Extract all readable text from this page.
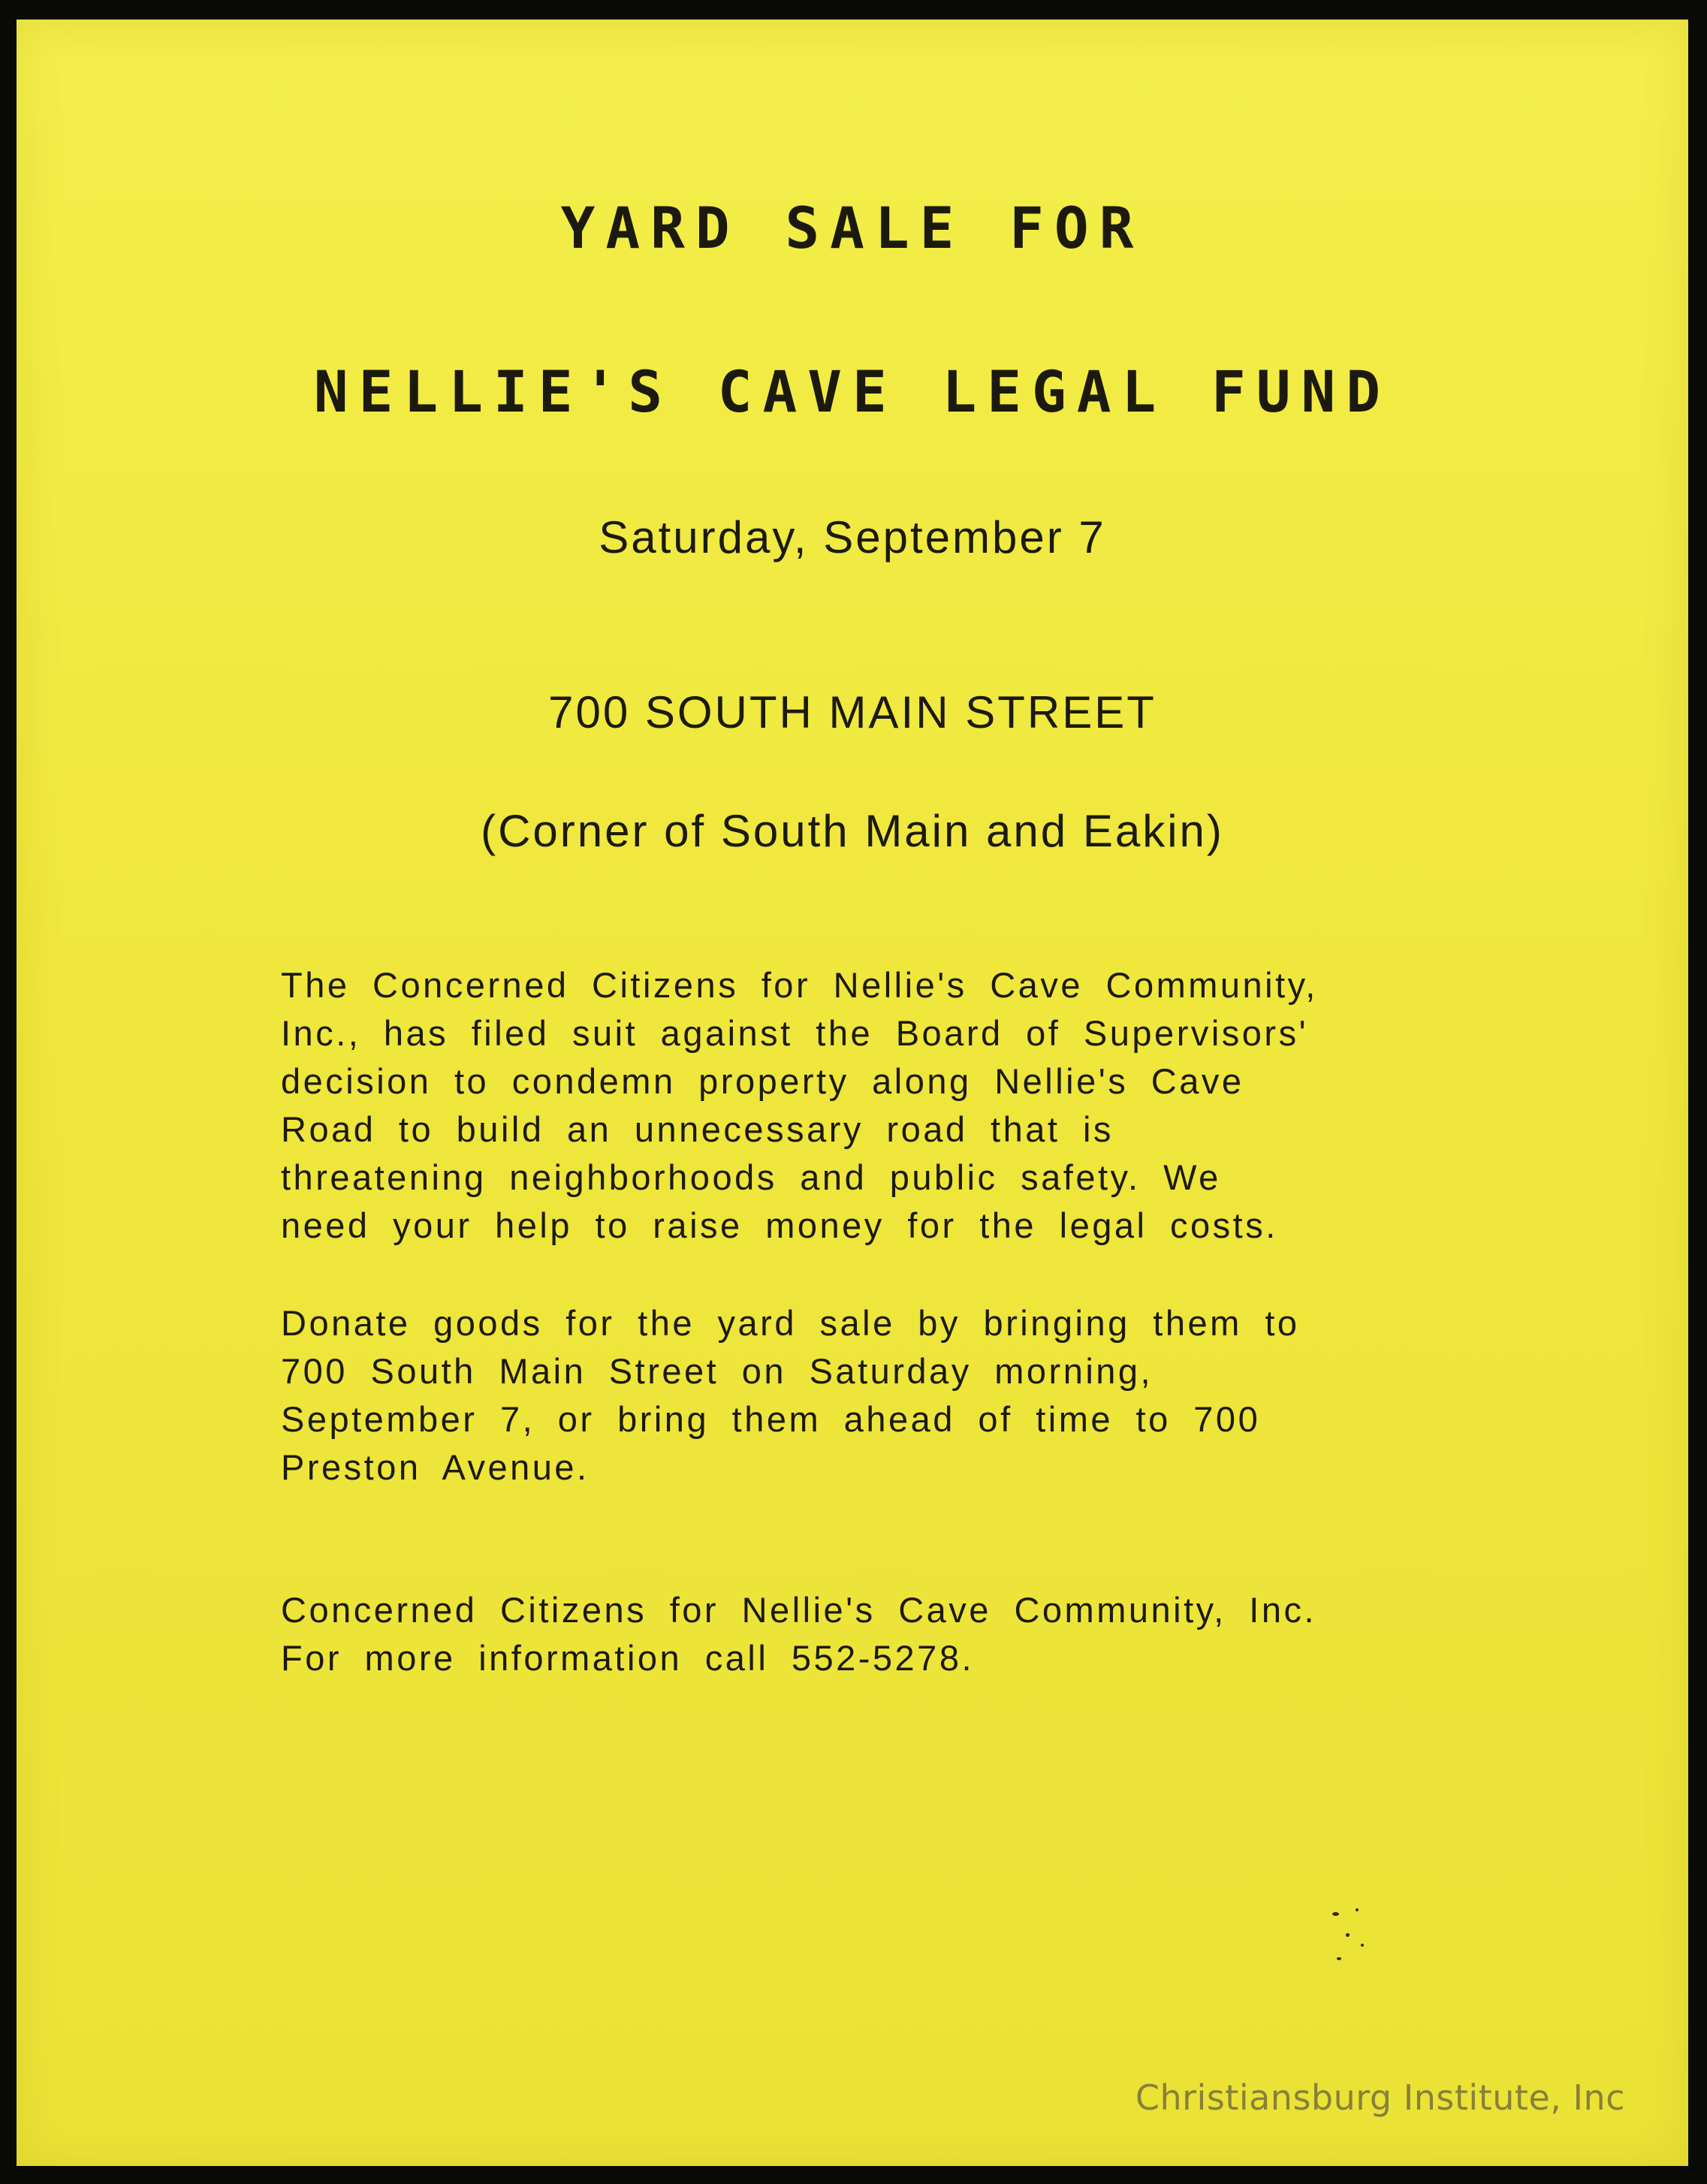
YARD SALE FOR
NELLIE'S CAVE LEGAL FUND

Saturday, September 7

700 SOUTH MAIN STREET

(Corner of South Main and Eakin)

The Concerned Citizens for Nellie's Cave Community,
Inc., has filed suit against the Board of Supervisors'
decision to condemn property along Nellie's Cave
Road to build an unnecessary road that is
threatening neighborhoods and public safety. We
need your help to raise money for the legal costs.
Donate goods for the yard sale by bringing them to
700 South Main Street on Saturday morning,
September 7, or bring them ahead of time to 700
Preston Avenue.
Concerned Citizens for Nellie's Cave Community, Inc.
For more information call 552-5278.

Christiansburg Institute, Inc
